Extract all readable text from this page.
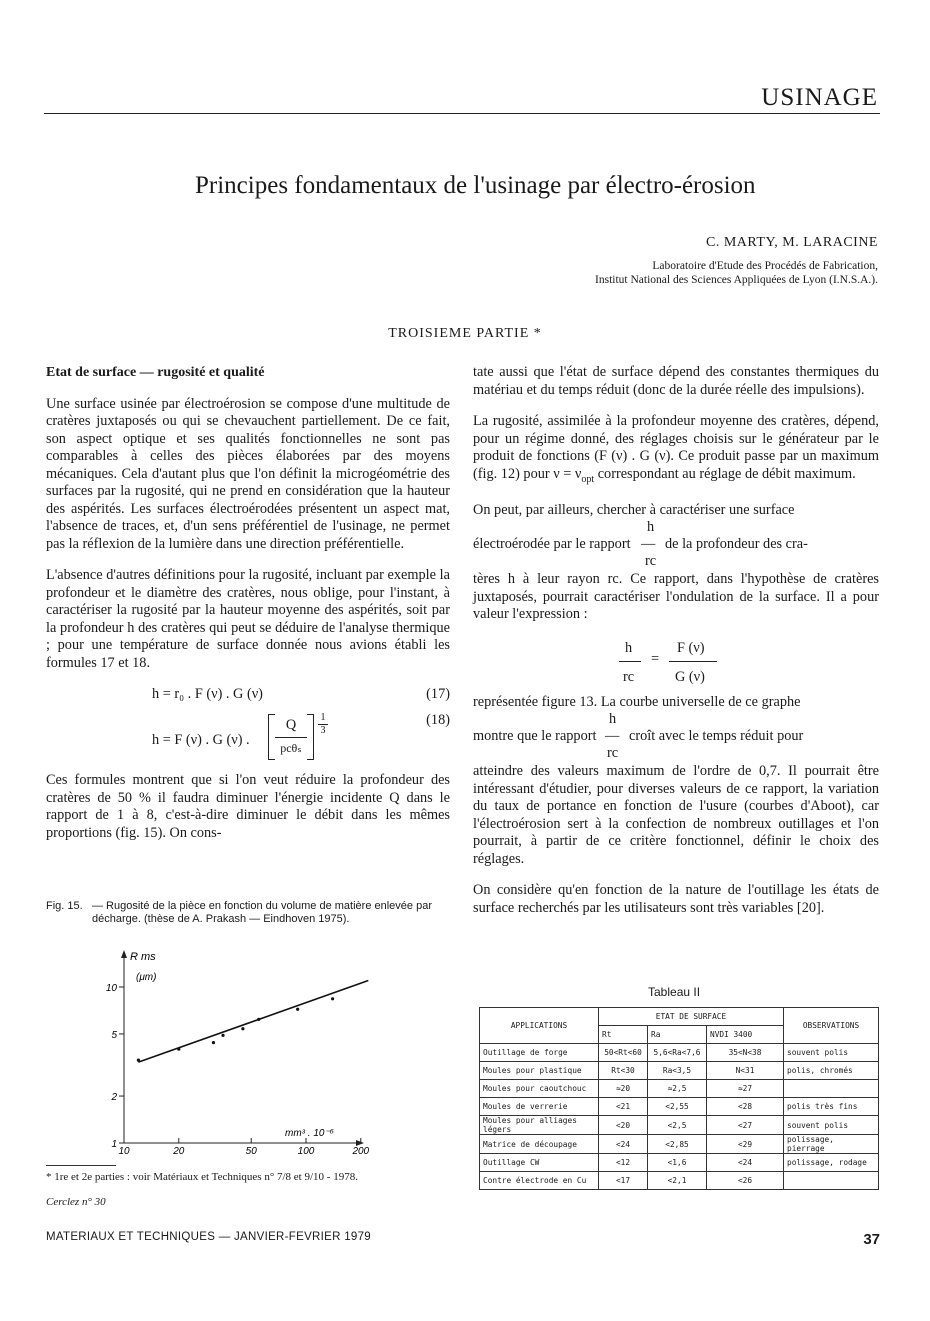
USINAGE
Principes fondamentaux de l'usinage par électro-érosion
C. MARTY, M. LARACINE
Laboratoire d'Etude des Procédés de Fabrication,
Institut National des Sciences Appliquées de Lyon (I.N.S.A.).
TROISIEME PARTIE *
Etat de surface — rugosité et qualité

Une surface usinée par électroérosion se compose d'une multitude de cratères juxtaposés ou qui se chevauchent partiellement. De ce fait, son aspect optique et ses qualités fonctionnelles ne sont pas comparables à celles des pièces élaborées par des moyens mécaniques. Cela d'autant plus que l'on définit la microgéométrie des surfaces par la rugosité, qui ne prend en considération que la hauteur des aspérités. Les surfaces électroérodées présentent un aspect mat, l'absence de traces, et, d'un sens préférentiel de l'usinage, ne permet pas la réflexion de la lumière dans une direction préférentielle.

L'absence d'autres définitions pour la rugosité, incluant par exemple la profondeur et le diamètre des cratères, nous oblige, pour l'instant, à caractériser la rugosité par la hauteur moyenne des aspérités, soit par la profondeur h des cratères qui peut se déduire de l'analyse thermique ; pour une température de surface donnée nous avions établi les formules 17 et 18.

h = r₀ . F (ν) . G (ν)	(17)
h = F (ν) . G (ν) .
Q
pcθₛ
1
3
(18)

Ces formules montrent que si l'on veut réduire la profondeur des cratères de 50 % il faudra diminuer l'énergie incidente Q dans le rapport de 1 à 8, c'est-à-dire diminuer le débit dans les mêmes proportions (fig. 15). On cons-

Fig. 15. — Rugosité de la pièce en fonction du volume de matière enlevée par décharge. (thèse de A. Prakash — Eindhoven 1975).
R ms
(μm)
mm³ . 10⁻⁶
10	20	50	100	200
1
2
5
10

tate aussi que l'état de surface dépend des constantes thermiques du matériau et du temps réduit (donc de la durée réelle des impulsions).

La rugosité, assimilée à la profondeur moyenne des cratères, dépend, pour un régime donné, des réglages choisis sur le générateur par le produit de fonctions (F (ν) . G (ν). Ce produit passe par un maximum (fig. 12) pour $\nu = \nu_{opt}$ correspondant au réglage de débit maximum.

On peut, par ailleurs, chercher à caractériser une surface
h
électroérodée par le rapport — de la profondeur des cra-
rc

tères h à leur rayon rc. Ce rapport, dans l'hypothèse de cratères juxtaposés, pourrait caractériser l'ondulation de la surface. Il a pour valeur l'expression :

h	F (ν)
=
rc	G (ν)
représentée figure 13. La courbe universelle de ce graphe
h
montre que le rapport — croît avec le temps réduit pour
rc

atteindre des valeurs maximum de l'ordre de 0,7. Il pourrait être intéressant d'étudier, pour diverses valeurs de ce rapport, la variation du taux de portance en fonction de l'usure (courbes d'Aboot), car l'électroérosion sert à la confection de nombreux outillages et l'on pourrait, à partir de ce critère fonctionnel, définir le choix des réglages.

On considère qu'en fonction de la nature de l'outillage les états de surface recherchés par les utilisateurs sont très variables [20].

Tableau II
APPLICATIONS	ETAT DE SURFACE			OBSERVATIONS
	Rt	Ra	NVDI 3400	
Outillage de forge	50<Rt<60	5,6<Ra<7,6	35<N<38	souvent polis
Moules pour plastique	Rt<30	Ra<3,5	N<31	polis, chromés
Moules pour caoutchouc	≈20	≈2,5	≈27	
Moules de verrerie	<21	<2,55	<28	polis très fins
Moules pour alliages légers	<20	<2,5	<27	souvent polis
Matrice de découpage	<24	<2,85	<29	polissage, pierrage
Outillage CW	<12	<1,6	<24	polissage, rodage
Contre électrode en Cu	<17	<2,1	<26	
* 1re et 2e parties : voir Matériaux et Techniques n° 7/8 et 9/10 - 1978.
Cerclez n° 30
MATERIAUX ET TECHNIQUES — JANVIER-FEVRIER 1979	37
